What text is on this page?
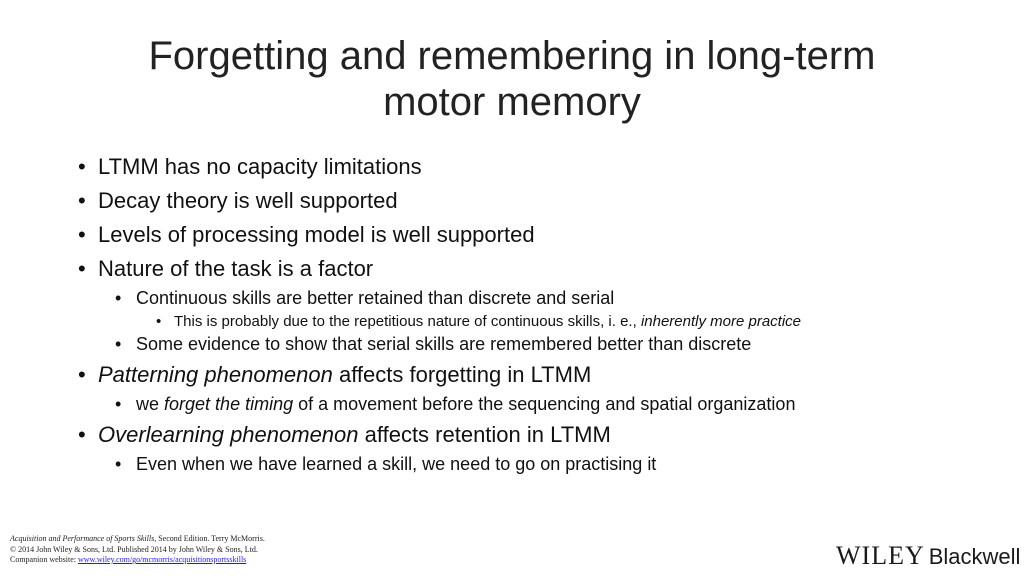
Forgetting and remembering in long-term
motor memory
• LTMM has no capacity limitations
• Decay theory is well supported
• Levels of processing model is well supported
• Nature of the task is a factor
• Continuous skills are better retained than discrete and serial
• This is probably due to the repetitious nature of continuous skills, i. e., inherently more practice
• Some evidence to show that serial skills are remembered better than discrete
• Patterning phenomenon affects forgetting in LTMM
• we forget the timing of a movement before the sequencing and spatial organization
• Overlearning phenomenon affects retention in LTMM
• Even when we have learned a skill, we need to go on practising it
Acquisition and Performance of Sports Skills, Second Edition. Terry McMorris.
© 2014 John Wiley & Sons, Ltd. Published 2014 by John Wiley & Sons, Ltd.
Companion website: www.wiley.com/go/mcmorris/acquisitionsportsskills	WILEY Blackwell
